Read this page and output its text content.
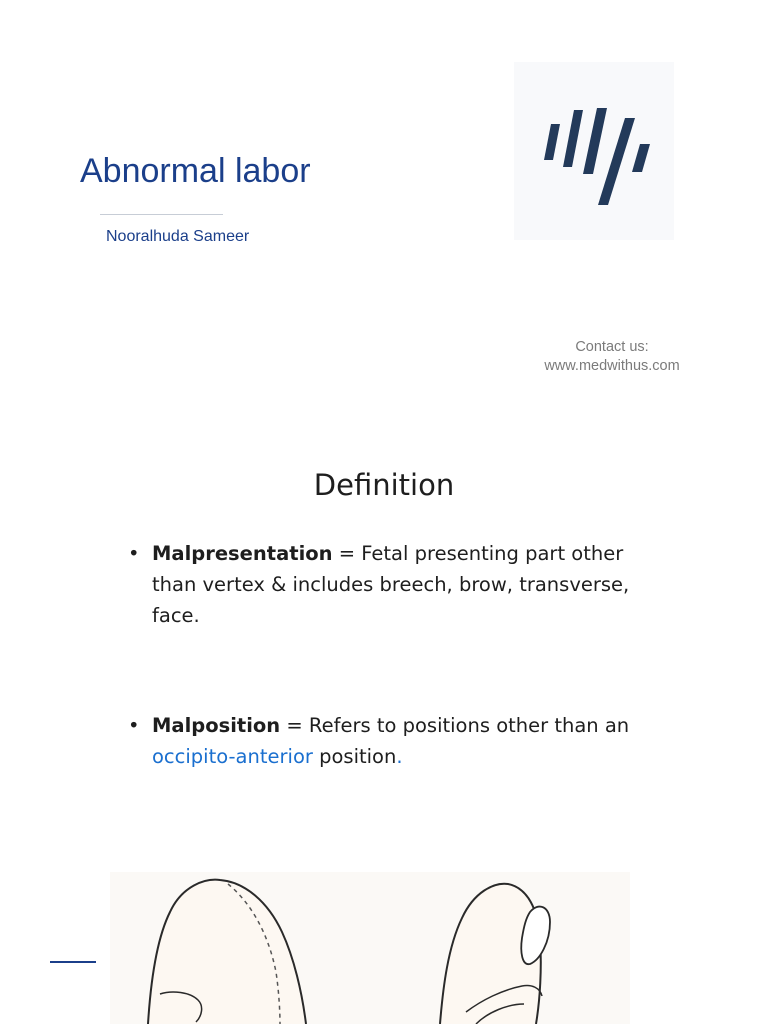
Abnormal labor
Nooralhuda Sameer
Contact us:
www.medwithus.com
Definition
• Malpresentation = Fetal presenting part other than vertex & includes breech, brow, transverse, face.
• Malposition = Refers to positions other than an occipito-anterior position.
